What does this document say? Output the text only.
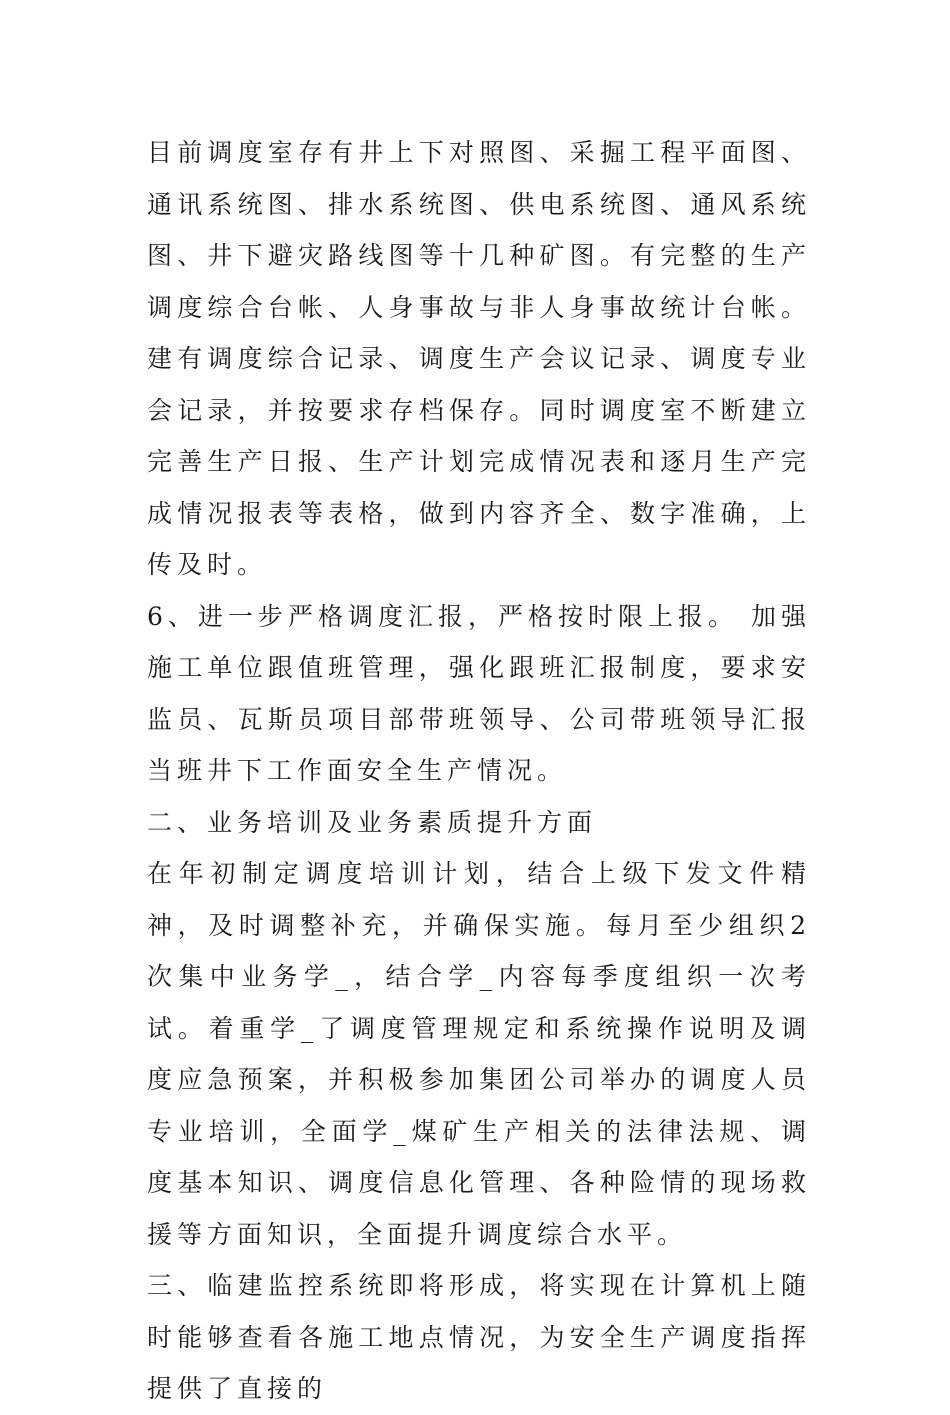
目前调度室存有井上下对照图、采掘工程平面图、通讯系统图、排水系统图、供电系统图、通风系统图、井下避灾路线图等十几种矿图。有完整的生产调度综合台帐、人身事故与非人身事故统计台帐。建有调度综合记录、调度生产会议记录、调度专业会记录，并按要求存档保存。同时调度室不断建立完善生产日报、生产计划完成情况表和逐月生产完成情况报表等表格，做到内容齐全、数字准确，上传及时。

6、进一步严格调度汇报，严格按时限上报。 加强施工单位跟值班管理，强化跟班汇报制度，要求安监员、瓦斯员项目部带班领导、公司带班领导汇报当班井下工作面安全生产情况。

二、业务培训及业务素质提升方面

在年初制定调度培训计划，结合上级下发文件精神，及时调整补充，并确保实施。每月至少组织2次集中业务学_，结合学_内容每季度组织一次考试。着重学_了调度管理规定和系统操作说明及调度应急预案，并积极参加集团公司举办的调度人员专业培训，全面学_煤矿生产相关的法律法规、调度基本知识、调度信息化管理、各种险情的现场救援等方面知识，全面提升调度综合水平。

三、临建监控系统即将形成，将实现在计算机上随时能够查看各施工地点情况，为安全生产调度指挥提供了直接的
